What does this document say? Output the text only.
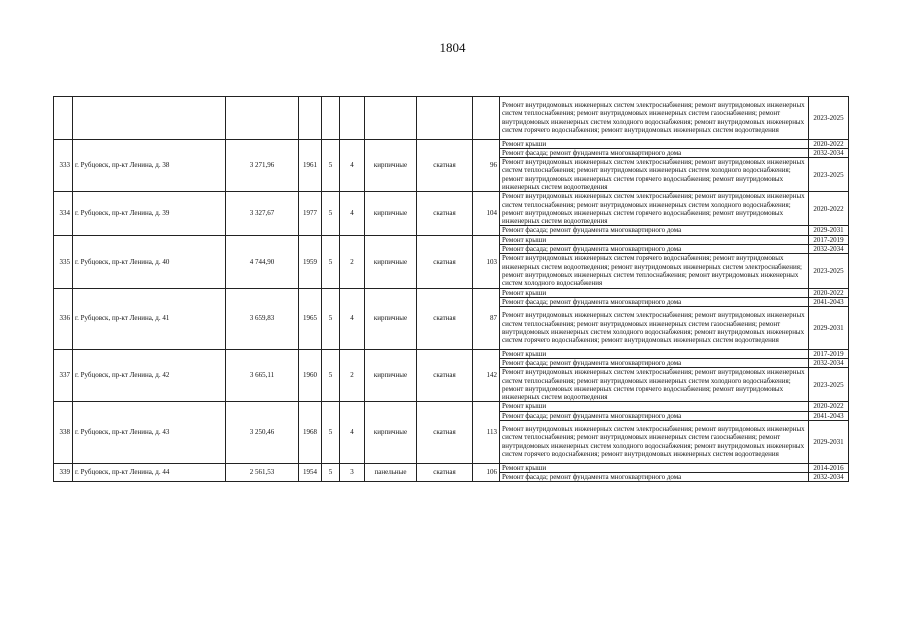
1804
									Ремонт внутридомовых инженерных систем электроснабжения; ремонт внутридомовых инженерных систем теплоснабжения; ремонт внутридомовых инженерных систем газоснабжения; ремонт внутридомовых инженерных систем холодного водоснабжения; ремонт внутридомовых инженерных систем горячего водоснабжения; ремонт внутридомовых инженерных систем водоотведения	2023-2025
333	г. Рубцовск, пр-кт Ленина, д. 38	3 271,96	1961	5	4	кирпичные	скатная	96	Ремонт крыши	2020-2022
									Ремонт фасада; ремонт фундамента многоквартирного дома	2032-2034
									Ремонт внутридомовых инженерных систем электроснабжения; ремонт внутридомовых инженерных систем теплоснабжения; ремонт внутридомовых инженерных систем холодного водоснабжения; ремонт внутридомовых инженерных систем горячего водоснабжения; ремонт внутридомовых инженерных систем водоотведения	2023-2025
334	г. Рубцовск, пр-кт Ленина, д. 39	3 327,67	1977	5	4	кирпичные	скатная	104	Ремонт внутридомовых инженерных систем электроснабжения; ремонт внутридомовых инженерных систем теплоснабжения; ремонт внутридомовых инженерных систем холодного водоснабжения; ремонт внутридомовых инженерных систем горячего водоснабжения; ремонт внутридомовых инженерных систем водоотведения	2020-2022
									Ремонт фасада; ремонт фундамента многоквартирного дома	2029-2031
335	г. Рубцовск, пр-кт Ленина, д. 40	4 744,90	1959	5	2	кирпичные	скатная	103	Ремонт крыши	2017-2019
									Ремонт фасада; ремонт фундамента многоквартирного дома	2032-2034
									Ремонт внутридомовых инженерных систем горячего водоснабжения; ремонт внутридомовых инженерных систем водоотведения; ремонт внутридомовых инженерных систем электроснабжения; ремонт внутридомовых инженерных систем теплоснабжения; ремонт внутридомовых инженерных систем холодного водоснабжения	2023-2025
336	г. Рубцовск, пр-кт Ленина, д. 41	3 659,83	1965	5	4	кирпичные	скатная	87	Ремонт крыши	2020-2022
									Ремонт фасада; ремонт фундамента многоквартирного дома	2041-2043
									Ремонт внутридомовых инженерных систем электроснабжения; ремонт внутридомовых инженерных систем теплоснабжения; ремонт внутридомовых инженерных систем газоснабжения; ремонт внутридомовых инженерных систем холодного водоснабжения; ремонт внутридомовых инженерных систем горячего водоснабжения; ремонт внутридомовых инженерных систем водоотведения	2029-2031
337	г. Рубцовск, пр-кт Ленина, д. 42	3 665,11	1960	5	2	кирпичные	скатная	142	Ремонт крыши	2017-2019
									Ремонт фасада; ремонт фундамента многоквартирного дома	2032-2034
									Ремонт внутридомовых инженерных систем электроснабжения; ремонт внутридомовых инженерных систем теплоснабжения; ремонт внутридомовых инженерных систем холодного водоснабжения; ремонт внутридомовых инженерных систем горячего водоснабжения; ремонт внутридомовых инженерных систем водоотведения	2023-2025
338	г. Рубцовск, пр-кт Ленина, д. 43	3 250,46	1968	5	4	кирпичные	скатная	113	Ремонт крыши	2020-2022
									Ремонт фасада; ремонт фундамента многоквартирного дома	2041-2043
									Ремонт внутридомовых инженерных систем электроснабжения; ремонт внутридомовых инженерных систем теплоснабжения; ремонт внутридомовых инженерных систем газоснабжения; ремонт внутридомовых инженерных систем холодного водоснабжения; ремонт внутридомовых инженерных систем горячего водоснабжения; ремонт внутридомовых инженерных систем водоотведения	2029-2031
339	г. Рубцовск, пр-кт Ленина, д. 44	2 561,53	1954	5	3	панельные	скатная	106	Ремонт крыши	2014-2016
									Ремонт фасада; ремонт фундамента многоквартирного дома	2032-2034
